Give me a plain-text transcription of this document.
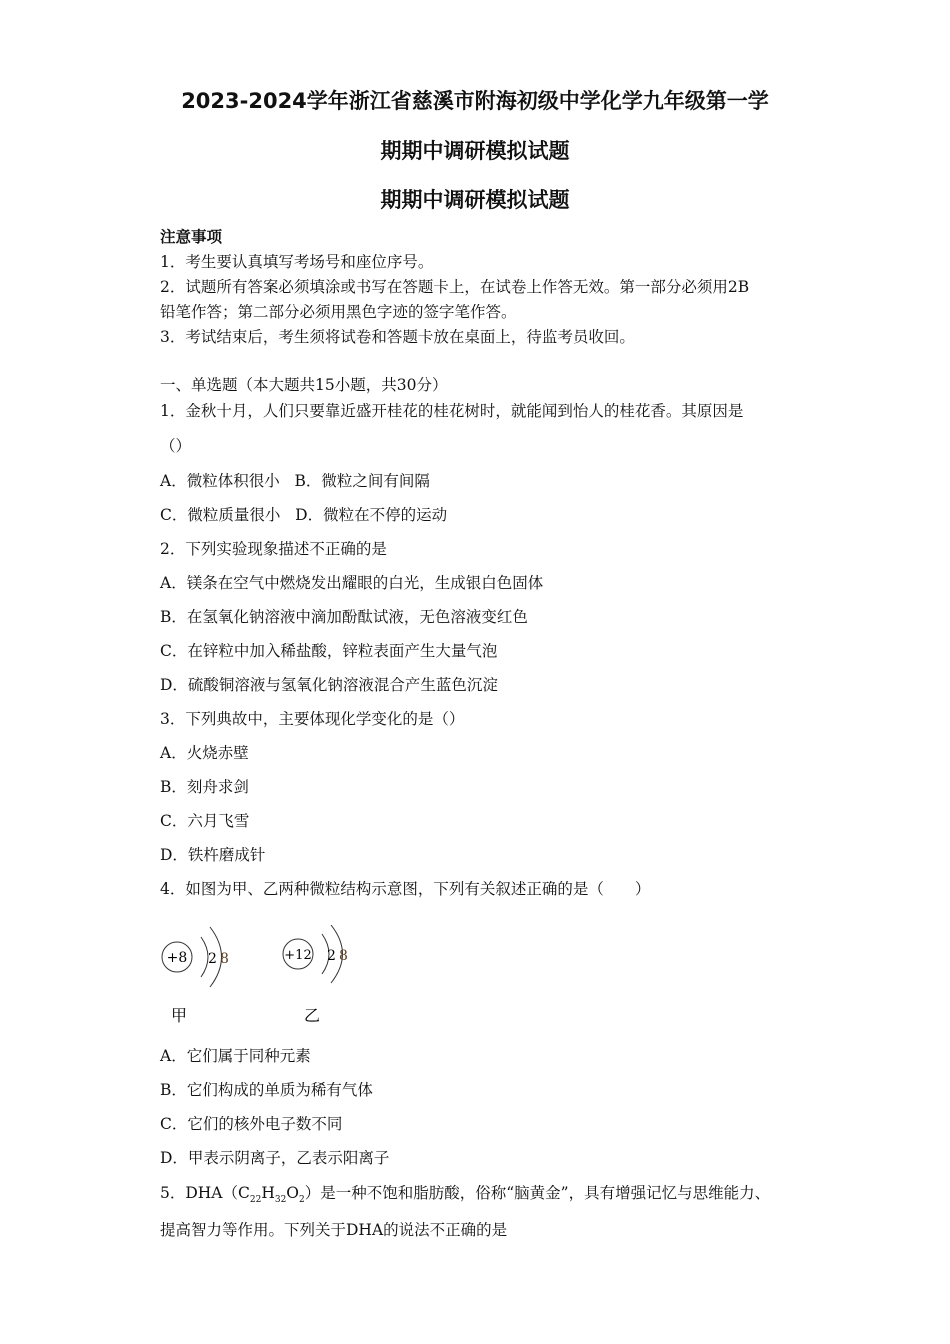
2023-2024学年浙江省慈溪市附海初级中学化学九年级第一学
期期中调研模拟试题
期期中调研模拟试题
注意事项
1．考生要认真填写考场号和座位序号。
2．试题所有答案必须填涂或书写在答题卡上，在试卷上作答无效。第一部分必须用2B
铅笔作答；第二部分必须用黑色字迹的签字笔作答。
3．考试结束后，考生须将试卷和答题卡放在桌面上，待监考员收回。
一、单选题（本大题共15小题，共30分）
1．金秋十月，人们只要靠近盛开桂花的桂花树时，就能闻到怡人的桂花香。其原因是
（）
A．微粒体积很小   B．微粒之间有间隔
C．微粒质量很小   D．微粒在不停的运动
2．下列实验现象描述不正确的是
A．镁条在空气中燃烧发出耀眼的白光，生成银白色固体
B．在氢氧化钠溶液中滴加酚酞试液，无色溶液变红色
C．在锌粒中加入稀盐酸，锌粒表面产生大量气泡
D．硫酸铜溶液与氢氧化钠溶液混合产生蓝色沉淀
3．下列典故中，主要体现化学变化的是（）
A．火烧赤壁
B．刻舟求剑
C．六月飞雪
D．铁杵磨成针
4．如图为甲、乙两种微粒结构示意图，下列有关叙述正确的是（　　）
+8 2 8
甲
+12 2 8
乙
A．它们属于同种元素
B．它们构成的单质为稀有气体
C．它们的核外电子数不同
D．甲表示阴离子，乙表示阳离子
5．$DHA(C_{22}H_{32}O_2)$是一种不饱和脂肪酸，俗称“脑黄金”，具有增强记忆与思维能力、
提高智力等作用。下列关于DHA的说法不正确的是
